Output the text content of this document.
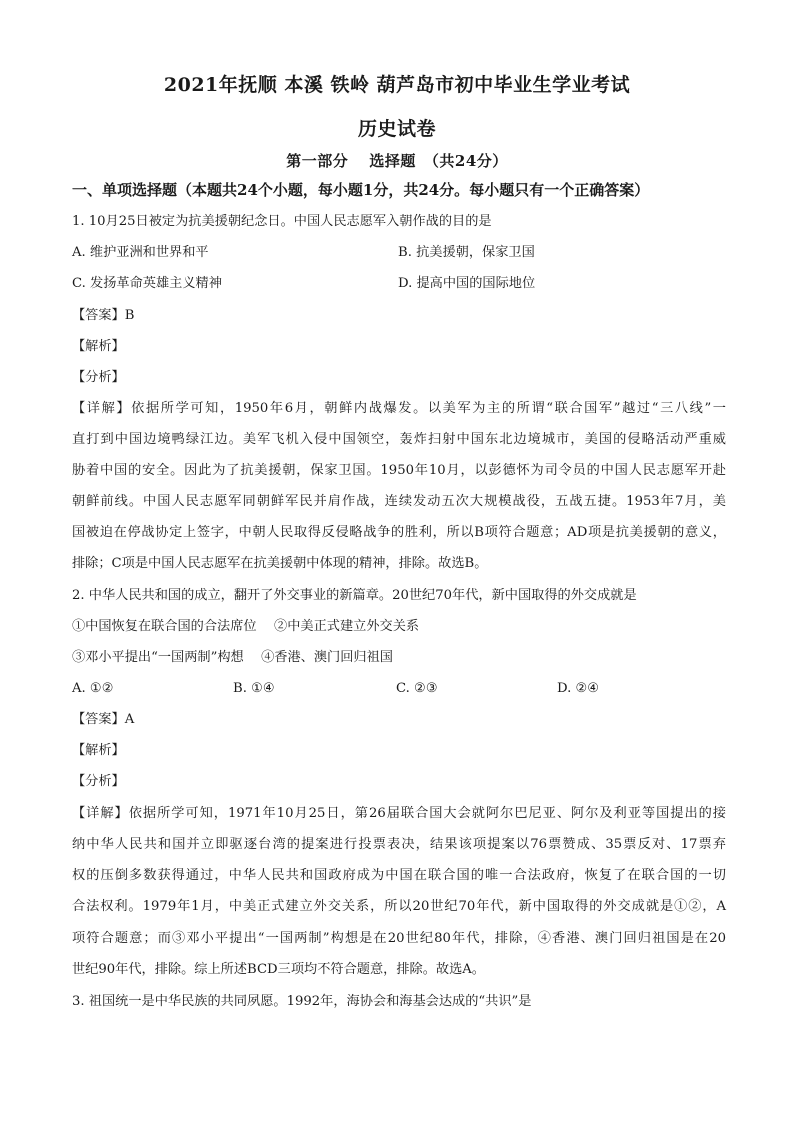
2021年抚顺 本溪 铁岭 葫芦岛市初中毕业生学业考试
历史试卷
第一部分　 选择题　（共24分）
一、单项选择题（本题共24个小题，每小题1分，共24分。每小题只有一个正确答案）
1. 10月25日被定为抗美援朝纪念日。中国人民志愿军入朝作战的目的是
A. 维护亚洲和世界和平	B. 抗美援朝，保家卫国
C. 发扬革命英雄主义精神	D. 提高中国的国际地位
【答案】B
【解析】
【分析】
【详解】依据所学可知，1950年6月，朝鲜内战爆发。以美军为主的所谓“联合国军”越过“三八线”一
直打到中国边境鸭绿江边。美军飞机入侵中国领空，轰炸扫射中国东北边境城市，美国的侵略活动严重威
胁着中国的安全。因此为了抗美援朝，保家卫国。1950年10月，以彭德怀为司令员的中国人民志愿军开赴
朝鲜前线。中国人民志愿军同朝鲜军民并肩作战，连续发动五次大规模战役，五战五捷。1953年7月，美
国被迫在停战协定上签字，中朝人民取得反侵略战争的胜利，所以B项符合题意；AD项是抗美援朝的意义，
排除；C项是中国人民志愿军在抗美援朝中体现的精神，排除。故选B。
2. 中华人民共和国的成立，翻开了外交事业的新篇章。20世纪70年代，新中国取得的外交成就是
①中国恢复在联合国的合法席位　 ②中美正式建立外交关系
③邓小平提出“一国两制”构想　 ④香港、澳门回归祖国
A. ①②	B. ①④	C. ②③	D. ②④
【答案】A
【解析】
【分析】
【详解】依据所学可知，1971年10月25日，第26届联合国大会就阿尔巴尼亚、阿尔及利亚等国提出的接
纳中华人民共和国并立即驱逐台湾的提案进行投票表决，结果该项提案以76票赞成、35票反对、17票弃
权的压倒多数获得通过，中华人民共和国政府成为中国在联合国的唯一合法政府，恢复了在联合国的一切
合法权利。1979年1月，中美正式建立外交关系，所以20世纪70年代，新中国取得的外交成就是①②，A
项符合题意；而③邓小平提出“一国两制”构想是在20世纪80年代，排除，④香港、澳门回归祖国是在20
世纪90年代，排除。综上所述BCD三项均不符合题意，排除。故选A。
3. 祖国统一是中华民族的共同夙愿。1992年，海协会和海基会达成的“共识”是
